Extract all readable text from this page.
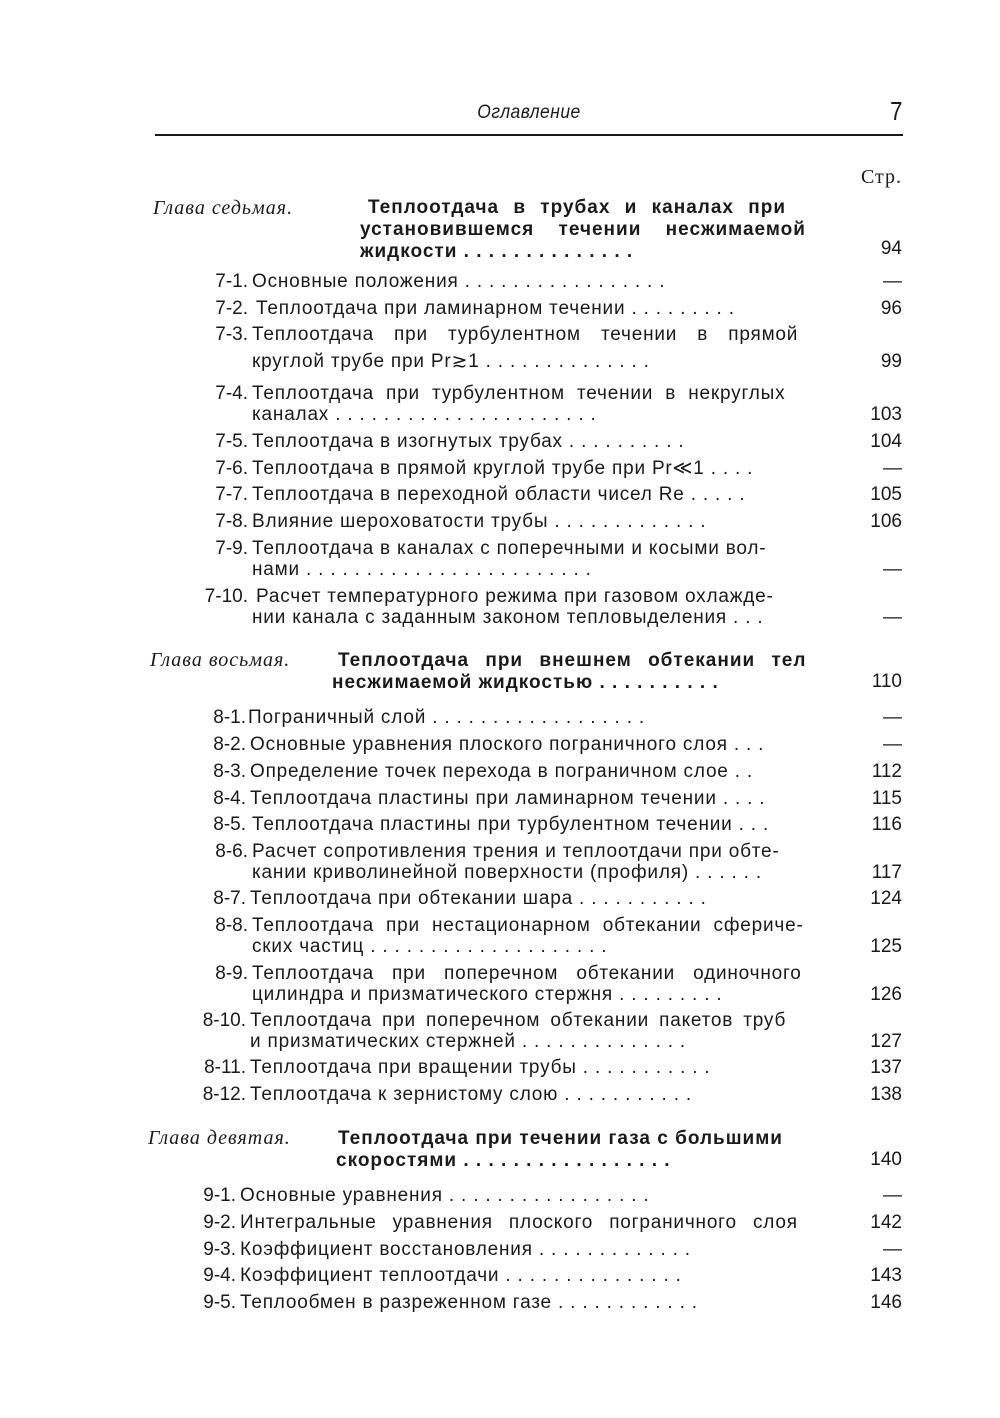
Оглавление	7
Стр.
Глава седьмая.	Теплоотдача в трубах и каналах при
установившемся течении несжимаемой
жидкости . . . . . . . . . . . . . .	94
7-1. Основные положения . . . . . . . . . . . . . . . . .	—
7-2. Теплоотдача при ламинарном течении . . . . . . . . .	96
7-3. Теплоотдача при турбулентном течении в прямой
круглой трубе при Pr≳1 . . . . . . . . . . . . . .	99
7-4. Теплоотдача при турбулентном течении в некруглых
каналах . . . . . . . . . . . . . . . . . . . . . .	103
7-5. Теплоотдача в изогнутых трубах . . . . . . . . . .	104
7-6. Теплоотдача в прямой круглой трубе при Pr≪1 . . . .	—
7-7. Теплоотдача в переходной области чисел Re . . . . .	105
7-8. Влияние шероховатости трубы . . . . . . . . . . . . .	106
7-9. Теплоотдача в каналах с поперечными и косыми вол-
нами . . . . . . . . . . . . . . . . . . . . . . . .	—
7-10. Расчет температурного режима при газовом охлажде-
нии канала с заданным законом тепловыделения . . .	—
Глава восьмая.	Теплоотдача при внешнем обтекании тел
несжимаемой жидкостью . . . . . . . . . .	110
8-1. Пограничный слой . . . . . . . . . . . . . . . . . .	—
8-2. Основные уравнения плоского пограничного слоя . . .	—
8-3. Определение точек перехода в пограничном слое . .	112
8-4. Теплоотдача пластины при ламинарном течении . . . .	115
8-5. Теплоотдача пластины при турбулентном течении . . .	116
8-6. Расчет сопротивления трения и теплоотдачи при обте-
кании криволинейной поверхности (профиля) . . . . . .	117
8-7. Теплоотдача при обтекании шара . . . . . . . . . . .	124
8-8. Теплоотдача при нестационарном обтекании сфериче-
ских частиц . . . . . . . . . . . . . . . . . . . .	125
8-9. Теплоотдача при поперечном обтекании одиночного
цилиндра и призматического стержня . . . . . . . . .	126
8-10. Теплоотдача при поперечном обтекании пакетов труб
и призматических стержней . . . . . . . . . . . . . .	127
8-11. Теплоотдача при вращении трубы . . . . . . . . . . .	137
8-12. Теплоотдача к зернистому слою . . . . . . . . . . .	138
Глава девятая. Теплоотдача при течении газа с большими
скоростями . . . . . . . . . . . . . . . . .	140
9-1. Основные уравнения . . . . . . . . . . . . . . . . .	—
9-2. Интегральные уравнения плоского пограничного слоя	142
9-3. Коэффициент восстановления . . . . . . . . . . . . .	—
9-4. Коэффициент теплоотдачи . . . . . . . . . . . . . . .	143
9-5. Теплообмен в разреженном газе . . . . . . . . . . . .	146
